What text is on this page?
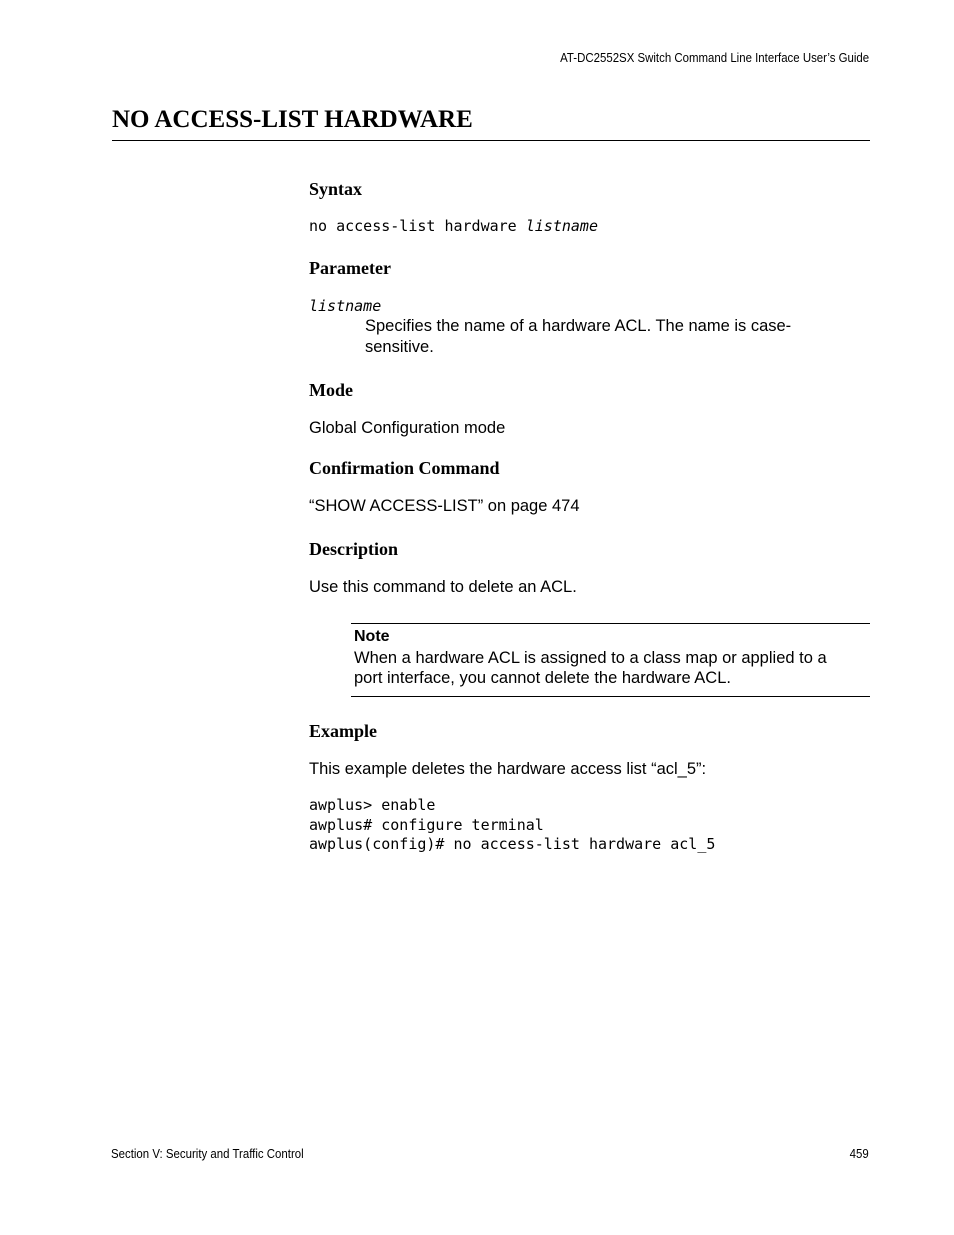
AT-DC2552SX Switch Command Line Interface User’s Guide
NO ACCESS-LIST HARDWARE
Syntax
no access-list hardware listname
Parameter
listname
Specifies the name of a hardware ACL. The name is case-sensitive.
Mode
Global Configuration mode
Confirmation Command
“SHOW ACCESS-LIST” on page 474
Description
Use this command to delete an ACL.
Note
When a hardware ACL is assigned to a class map or applied to a port interface, you cannot delete the hardware ACL.
Example
This example deletes the hardware access list “acl_5”:
awplus> enable
awplus# configure terminal
awplus(config)# no access-list hardware acl_5
Section V: Security and Traffic Control	459
